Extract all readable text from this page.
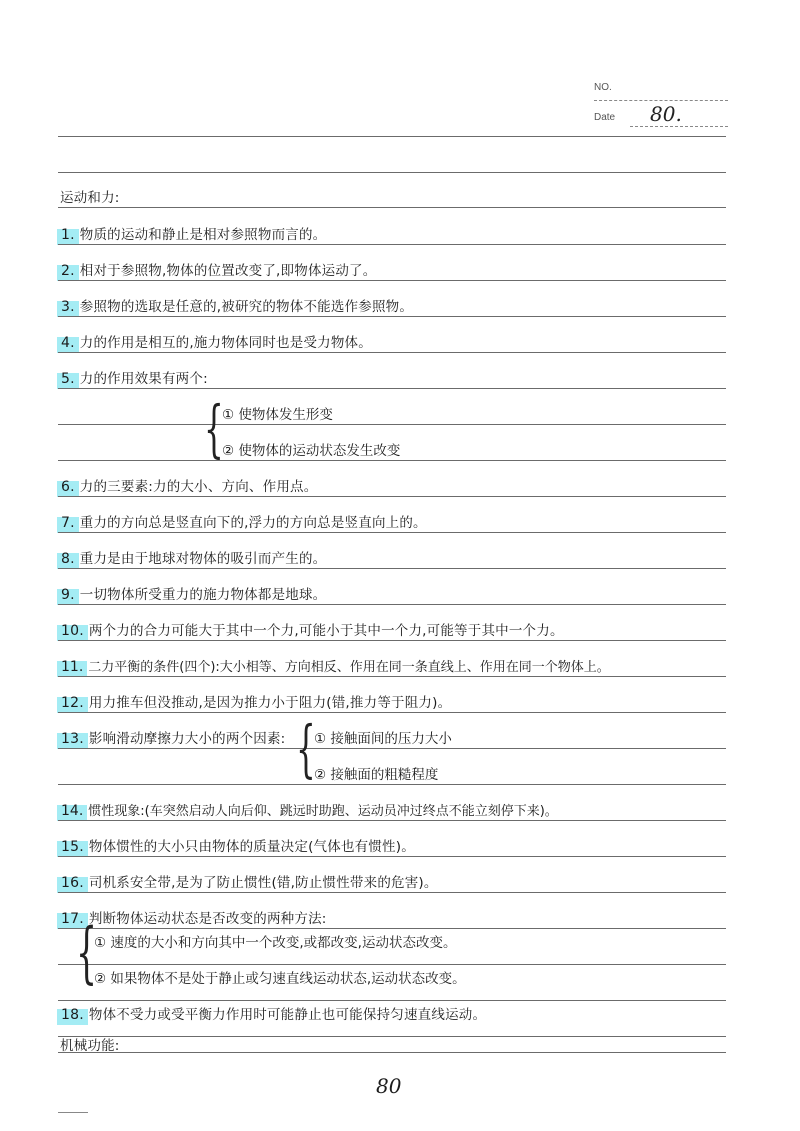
NO.
Date 80.
运动和力:
1. 物质的运动和静止是相对参照物而言的。
2. 相对于参照物,物体的位置改变了,即物体运动了。
3. 参照物的选取是任意的,被研究的物体不能选作参照物。
4. 力的作用是相互的,施力物体同时也是受力物体。
5. 力的作用效果有两个:
{
① 使物体发生形变
② 使物体的运动状态发生改变
6. 力的三要素:力的大小、方向、作用点。
7. 重力的方向总是竖直向下的,浮力的方向总是竖直向上的。
8. 重力是由于地球对物体的吸引而产生的。
9. 一切物体所受重力的施力物体都是地球。
10. 两个力的合力可能大于其中一个力,可能小于其中一个力,可能等于其中一个力。
11. 二力平衡的条件(四个):大小相等、方向相反、作用在同一条直线上、作用在同一个物体上。
12. 用力推车但没推动,是因为推力小于阻力(错,推力等于阻力)。
13. 影响滑动摩擦力大小的两个因素: {
① 接触面间的压力大小
② 接触面的粗糙程度
14. 惯性现象:(车突然启动人向后仰、跳远时助跑、运动员冲过终点不能立刻停下来)。
15. 物体惯性的大小只由物体的质量决定(气体也有惯性)。
16. 司机系安全带,是为了防止惯性(错,防止惯性带来的危害)。
17. 判断物体运动状态是否改变的两种方法:
{
① 速度的大小和方向其中一个改变,或都改变,运动状态改变。
② 如果物体不是处于静止或匀速直线运动状态,运动状态改变。
18. 物体不受力或受平衡力作用时可能静止也可能保持匀速直线运动。
机械功能:
80
